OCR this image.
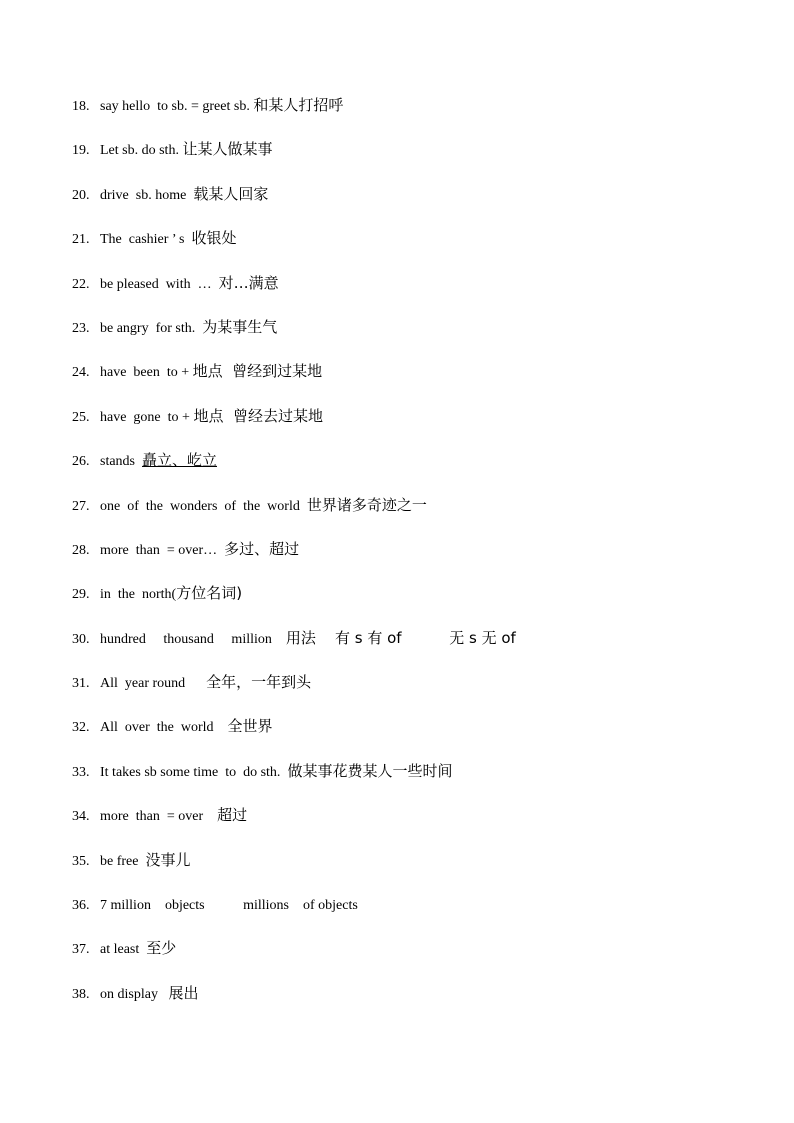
18. say hello  to sb. = greet sb. 和某人打招呼
19. Let sb. do sth. 让某人做某事
20. drive  sb. home  载某人回家
21. The  cashier ’ s  收银处
22. be pleased  with  …  对…满意
23. be angry  for sth.  为某事生气
24. have  been  to + 地点  曾经到过某地
25. have  gone  to + 地点  曾经去过某地
26. stands  矗立、屹立
27. one  of  the  wonders  of  the  world  世界诸多奇迹之一
28. more  than  = over…  多过、超过
29. in  the  north(方位名词)
30. hundred     thousand     million    用法    有 s 有 of          无 s 无 of
31. All  year round      全年，一年到头
32. All  over  the  world    全世界
33. It takes sb some time  to  do sth.  做某事花费某人一些时间
34. more  than  = over    超过
35. be free  没事儿
36. 7 million    objects           millions    of objects
37. at least  至少
38. on display   展出
